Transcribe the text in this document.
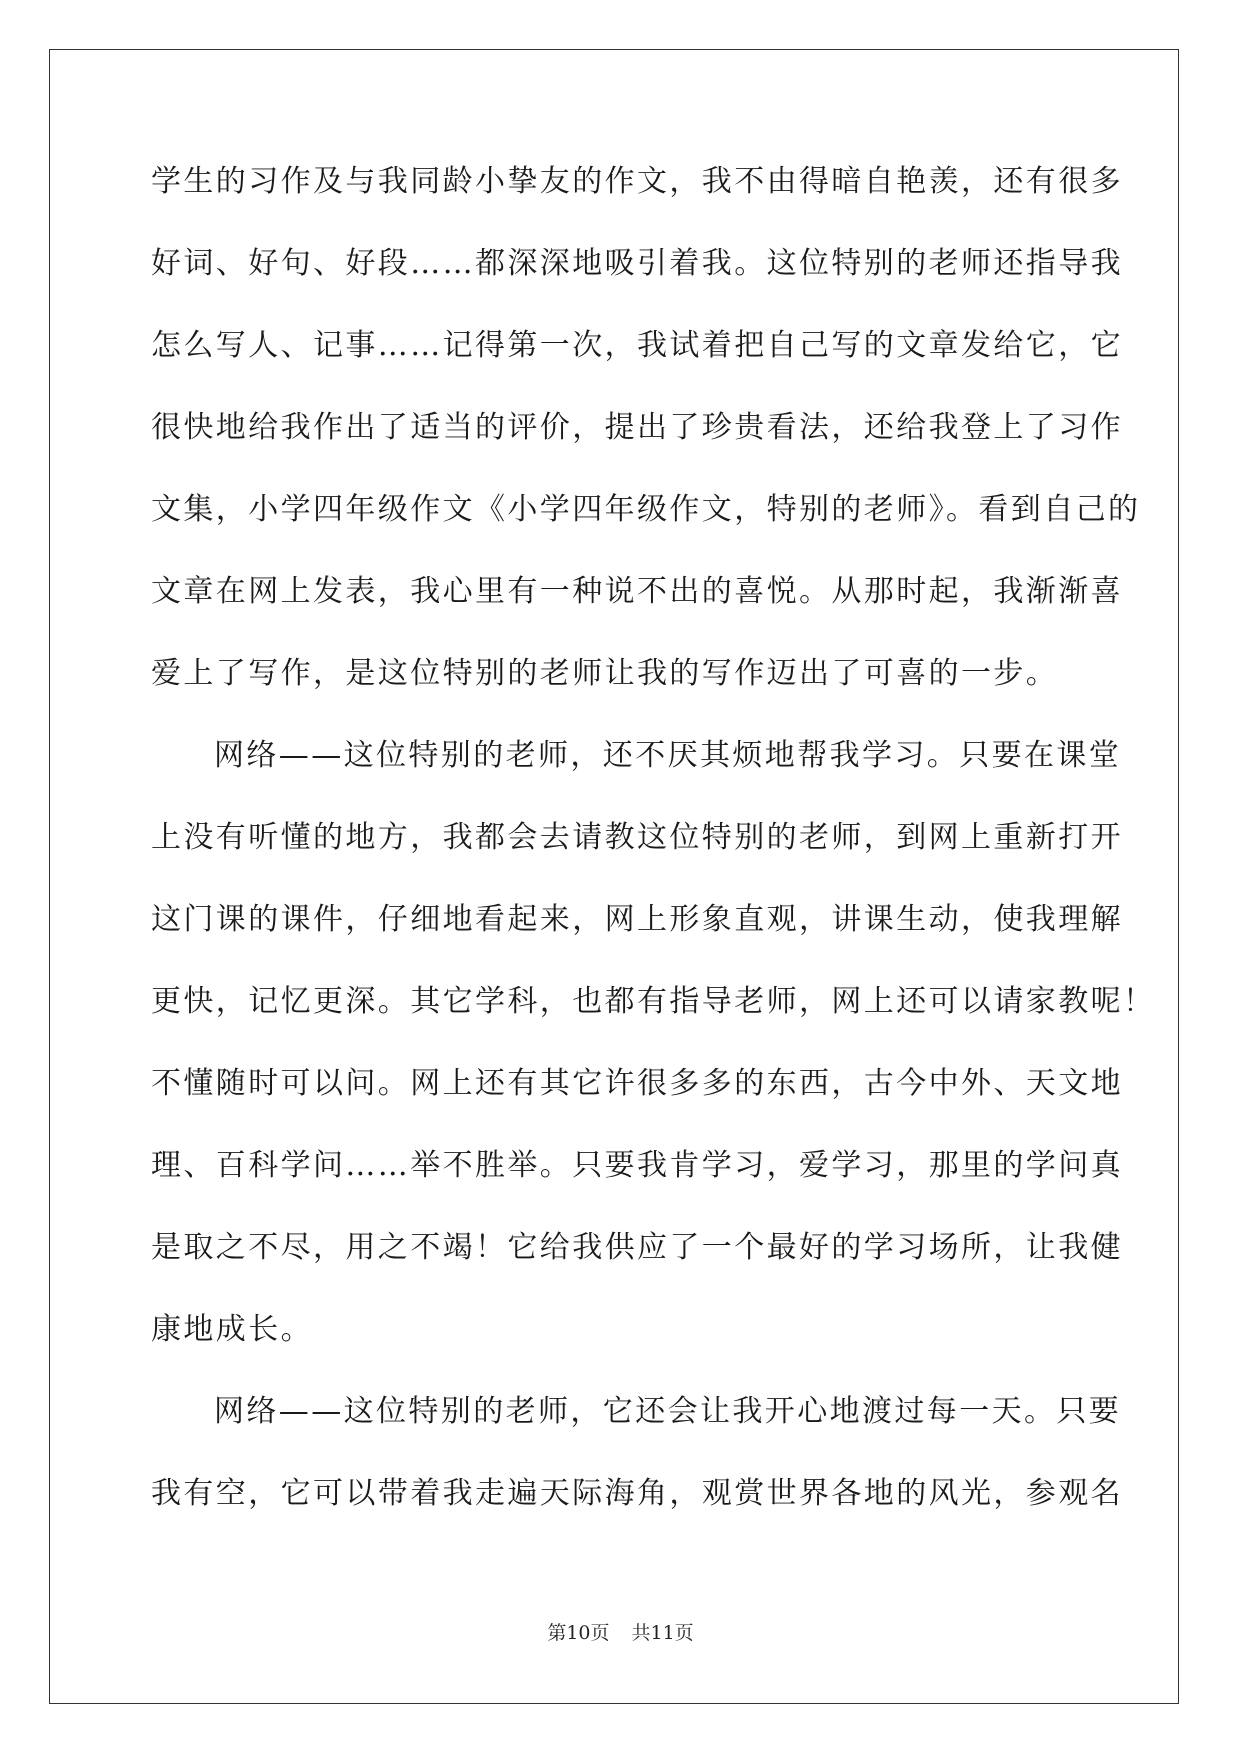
学生的习作及与我同龄小挚友的作文，我不由得暗自艳羡，还有很多
好词、好句、好段……都深深地吸引着我。这位特别的老师还指导我
怎么写人、记事……记得第一次，我试着把自己写的文章发给它，它
很快地给我作出了适当的评价，提出了珍贵看法，还给我登上了习作
文集，小学四年级作文《小学四年级作文，特别的老师》。看到自己的
文章在网上发表，我心里有一种说不出的喜悦。从那时起，我渐渐喜
爱上了写作，是这位特别的老师让我的写作迈出了可喜的一步。
网络——这位特别的老师，还不厌其烦地帮我学习。只要在课堂
上没有听懂的地方，我都会去请教这位特别的老师，到网上重新打开
这门课的课件，仔细地看起来，网上形象直观，讲课生动，使我理解
更快，记忆更深。其它学科，也都有指导老师，网上还可以请家教呢！
不懂随时可以问。网上还有其它许很多多的东西，古今中外、天文地
理、百科学问……举不胜举。只要我肯学习，爱学习，那里的学问真
是取之不尽，用之不竭！它给我供应了一个最好的学习场所，让我健
康地成长。
网络——这位特别的老师，它还会让我开心地渡过每一天。只要
我有空，它可以带着我走遍天际海角，观赏世界各地的风光，参观名
第10页 共11页
